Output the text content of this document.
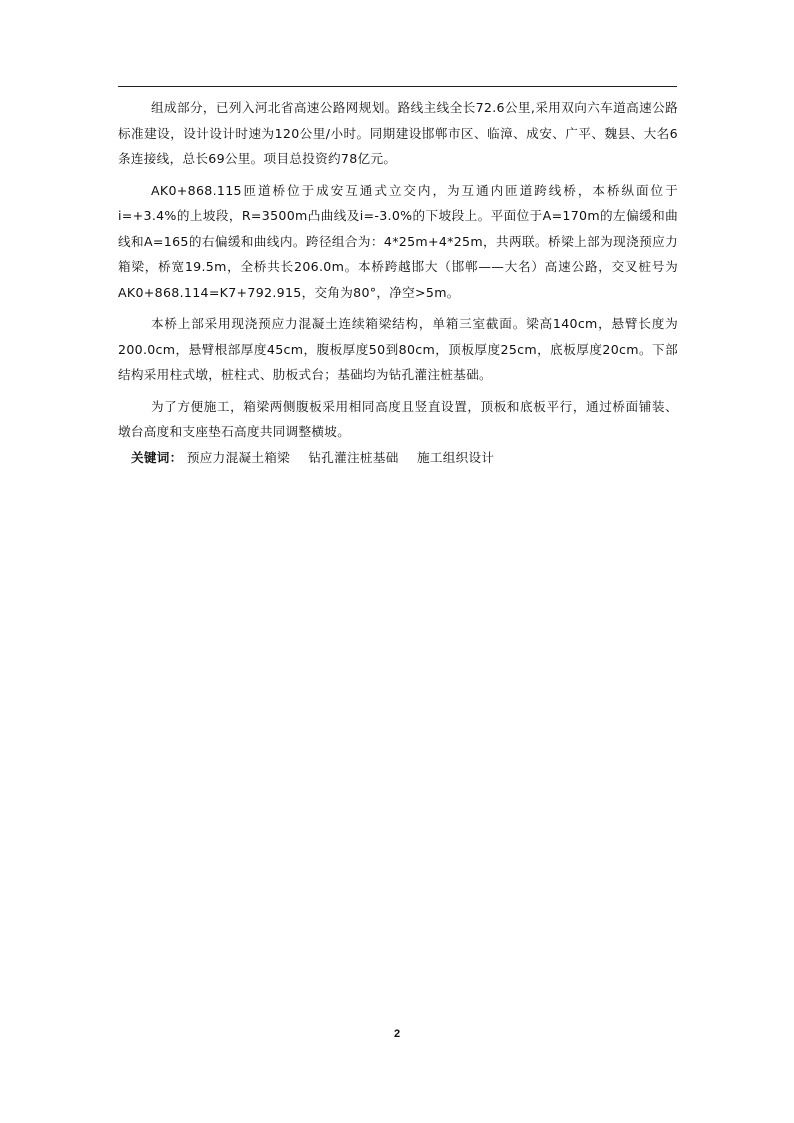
组成部分，已列入河北省高速公路网规划。路线主线全长72.6公里,采用双向六车道高速公路标准建设，设计设计时速为120公里/小时。同期建设邯郸市区、临漳、成安、广平、魏县、大名6条连接线，总长69公里。项目总投资约78亿元。

AK0+868.115匝道桥位于成安互通式立交内，为互通内匝道跨线桥，本桥纵面位于i=+3.4%的上坡段，R=3500m凸曲线及i=-3.0%的下坡段上。平面位于A=170m的左偏缓和曲线和A=165的右偏缓和曲线内。跨径组合为：4*25m+4*25m，共两联。桥梁上部为现浇预应力箱梁，桥宽19.5m，全桥共长206.0m。本桥跨越邯大（邯郸——大名）高速公路，交叉桩号为AK0+868.114=K7+792.915，交角为80°，净空>5m。

本桥上部采用现浇预应力混凝土连续箱梁结构，单箱三室截面。梁高140cm，悬臂长度为200.0cm，悬臂根部厚度45cm，腹板厚度50到80cm，顶板厚度25cm，底板厚度20cm。下部结构采用柱式墩，桩柱式、肋板式台；基础均为钻孔灌注桩基础。

为了方便施工，箱梁两侧腹板采用相同高度且竖直设置，顶板和底板平行，通过桥面铺装、墩台高度和支座垫石高度共同调整横坡。

关键词： 预应力混凝土箱梁 钻孔灌注桩基础 施工组织设计
2
